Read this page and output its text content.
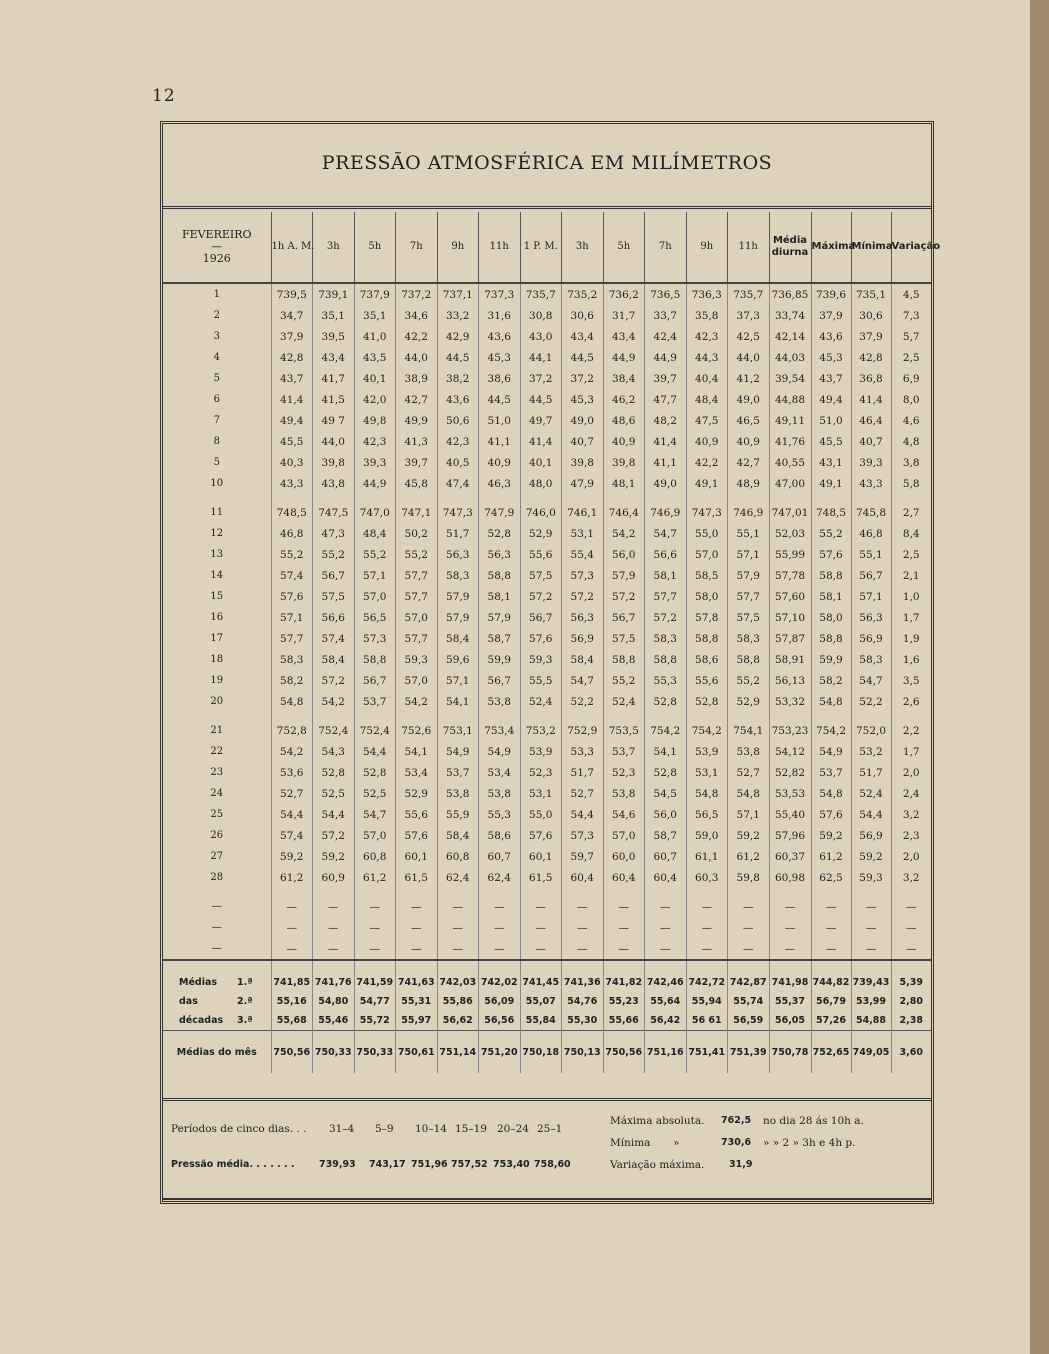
12
PRESSÃO ATMOSFÉRICA EM MILÍMETROS
FEVEREIRO
—
1926	1h A. M.	3h	5h	7h	9h	11h	1 P. M.	3h	5h	7h	9h	11h	Média diurna	Máxima	Mínima	Variação
1	739,5	739,1	737,9	737,2	737,1	737,3	735,7	735,2	736,2	736,5	736,3	735,7	736,85	739,6	735,1	4,5
2	34,7	35,1	35,1	34,6	33,2	31,6	30,8	30,6	31,7	33,7	35,8	37,3	33,74	37,9	30,6	7,3
3	37,9	39,5	41,0	42,2	42,9	43,6	43,0	43,4	43,4	42,4	42,3	42,5	42,14	43,6	37,9	5,7
4	42,8	43,4	43,5	44,0	44,5	45,3	44,1	44,5	44,9	44,9	44,3	44,0	44,03	45,3	42,8	2,5
5	43,7	41,7	40,1	38,9	38,2	38,6	37,2	37,2	38,4	39,7	40,4	41,2	39,54	43,7	36,8	6,9
6	41,4	41,5	42,0	42,7	43,6	44,5	44,5	45,3	46,2	47,7	48,4	49,0	44,88	49,4	41,4	8,0
7	49,4	49 7	49,8	49,9	50,6	51,0	49,7	49,0	48,6	48,2	47,5	46,5	49,11	51,0	46,4	4,6
8	45,5	44,0	42,3	41,3	42,3	41,1	41,4	40,7	40,9	41,4	40,9	40,9	41,76	45,5	40,7	4,8
5	40,3	39,8	39,3	39,7	40,5	40,9	40,1	39,8	39,8	41,1	42,2	42,7	40,55	43,1	39,3	3,8
10	43,3	43,8	44,9	45,8	47,4	46,3	48,0	47,9	48,1	49,0	49,1	48,9	47,00	49,1	43,3	5,8

11	748,5	747,5	747,0	747,1	747,3	747,9	746,0	746,1	746,4	746,9	747,3	746,9	747,01	748,5	745,8	2,7
12	46,8	47,3	48,4	50,2	51,7	52,8	52,9	53,1	54,2	54,7	55,0	55,1	52,03	55,2	46,8	8,4
13	55,2	55,2	55,2	55,2	56,3	56,3	55,6	55,4	56,0	56,6	57,0	57,1	55,99	57,6	55,1	2,5
14	57,4	56,7	57,1	57,7	58,3	58,8	57,5	57,3	57,9	58,1	58,5	57,9	57,78	58,8	56,7	2,1
15	57,6	57,5	57,0	57,7	57,9	58,1	57,2	57,2	57,2	57,7	58,0	57,7	57,60	58,1	57,1	1,0
16	57,1	56,6	56,5	57,0	57,9	57,9	56,7	56,3	56,7	57,2	57,8	57,5	57,10	58,0	56,3	1,7
17	57,7	57,4	57,3	57,7	58,4	58,7	57,6	56,9	57,5	58,3	58,8	58,3	57,87	58,8	56,9	1,9
18	58,3	58,4	58,8	59,3	59,6	59,9	59,3	58,4	58,8	58,8	58,6	58,8	58,91	59,9	58,3	1,6
19	58,2	57,2	56,7	57,0	57,1	56,7	55,5	54,7	55,2	55,3	55,6	55,2	56,13	58,2	54,7	3,5
20	54,8	54,2	53,7	54,2	54,1	53,8	52,4	52,2	52,4	52,8	52,8	52,9	53,32	54,8	52,2	2,6

21	752,8	752,4	752,4	752,6	753,1	753,4	753,2	752,9	753,5	754,2	754,2	754,1	753,23	754,2	752,0	2,2
22	54,2	54,3	54,4	54,1	54,9	54,9	53,9	53,3	53,7	54,1	53,9	53,8	54,12	54,9	53,2	1,7
23	53,6	52,8	52,8	53,4	53,7	53,4	52,3	51,7	52,3	52,8	53,1	52,7	52,82	53,7	51,7	2,0
24	52,7	52,5	52,5	52,9	53,8	53,8	53,1	52,7	53,8	54,5	54,8	54,8	53,53	54,8	52,4	2,4
25	54,4	54,4	54,7	55,6	55,9	55,3	55,0	54,4	54,6	56,0	56,5	57,1	55,40	57,6	54,4	3,2
26	57,4	57,2	57,0	57,6	58,4	58,6	57,6	57,3	57,0	58,7	59,0	59,2	57,96	59,2	56,9	2,3
27	59,2	59,2	60,8	60,1	60,8	60,7	60,1	59,7	60,0	60,7	61,1	61,2	60,37	61,2	59,2	2,0
28	61,2	60,9	61,2	61,5	62,4	62,4	61,5	60,4	60,4	60,4	60,3	59,8	60,98	62,5	59,3	3,2

—	—	—	—	—	—	—	—	—	—	—	—	—	—	—	—	—
—	—	—	—	—	—	—	—	—	—	—	—	—	—	—	—	—
—	—	—	—	—	—	—	—	—	—	—	—	—	—	—	—	—
Médias 1.ª	741,85	741,76	741,59	741,63	742,03	742,02	741,45	741,36	741,82	742,46	742,72	742,87	741,98	744,82	739,43	5,39
das 2.ª	55,16	54,80	54,77	55,31	55,86	56,09	55,07	54,76	55,23	55,64	55,94	55,74	55,37	56,79	53,99	2,80
décadas 3.ª	55,68	55,46	55,72	55,97	56,62	56,56	55,84	55,30	55,66	56,42	56 61	56,59	56,05	57,26	54,88	2,38
Médias do mês	750,56	750,33	750,33	750,61	751,14	751,20	750,18	750,13	750,56	751,16	751,41	751,39	750,78	752,65	749,05	3,60
Períodos de cinco dias. . . 31–4 5–9 10–14 15–19 20–24 25–1
Pressão média. . . . . . .	739,93 743,17 751,96 757,52 753,40 758,60
Máxima absoluta. 762,5 no dia 28 ás 10h a.
Mínima »	730,6 » » 2 » 3h e 4h p.
Variação máxima.	31,9
